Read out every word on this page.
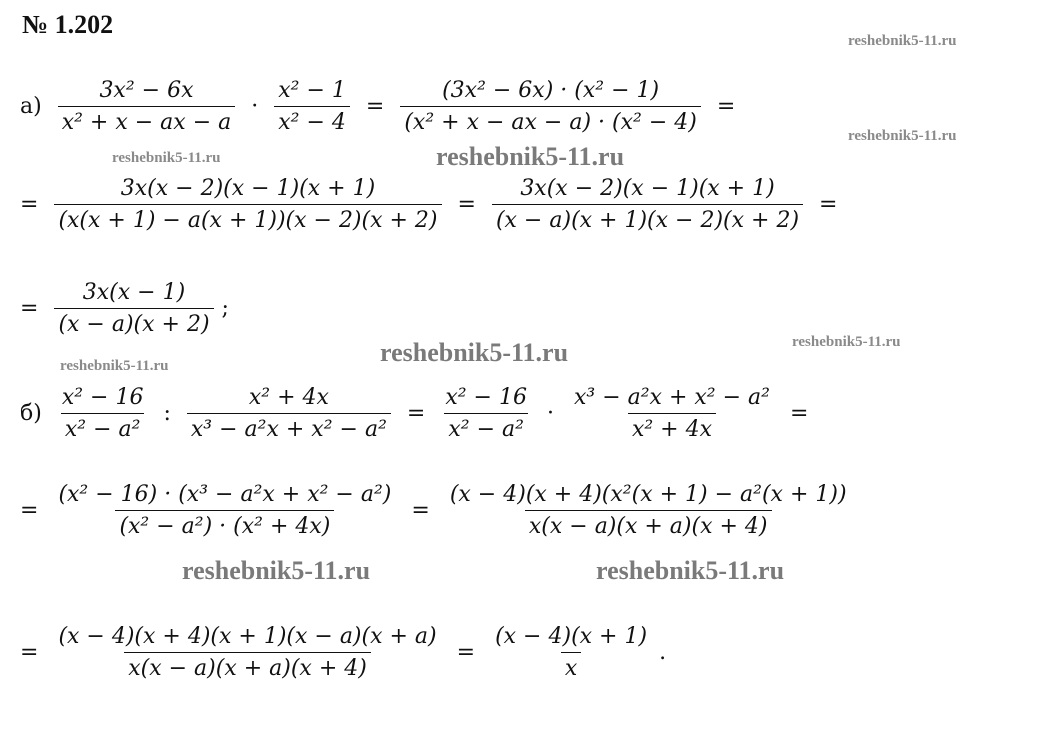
№ 1.202
reshebnik5-11.ru
reshebnik5-11.ru
reshebnik5-11.ru	reshebnik5-11.ru
reshebnik5-11.ru
reshebnik5-11.ru
reshebnik5-11.ru
reshebnik5-11.ru	reshebnik5-11.ru
$а) \frac{\text{3x² − 6x}}{\text{x² + x − ax − a}} \cdot \frac{\text{x² − 1}}{\text{x² − 4}} = \frac{\text{(3x² − 6x) · (x² − 1)}}{\text{(x² + x − ax − a) · (x² − 4)}}$ =
= $\frac{3x(x - 2)(x - 1)(x + 1)}{(x(x + 1) - a(x + 1))(x - 2)(x + 2)} = \frac{3x(x - 2)(x - 1)(x + 1)}{(x - a)(x + 1)(x - 2)(x + 2)}$ =
= $\frac{3x(x - 1)}{(x - a)(x + 2)}$ ;
$б) \frac{\text{x² − 16}}{\text{x² − a²}}$ : $\frac{\text{x² + 4x}}{\text{x³ − a²x + x² − a²}} = \frac{\text{x² − 16}}{\text{x² − a²}} \cdot \frac{\text{x³ − a²x + x² − a²}}{\text{x² + 4x}}$ =
= $\frac{\text{(x² − 16) · (x³ − a²x + x² − a²)}}{\text{(x² − a²) · (x² + 4x)}} = \frac{\text{(x − 4)(x + 4)(x²(x + 1) − a²(x + 1))}}{x(x - a)(x + a)(x + 4)}$
= $\frac{(x - 4)(x + 4)(x + 1)(x - a)(x + a)}{x(x - a)(x + a)(x + 4)} = \frac{(x - 4)(x + 1)}{x}$ .
